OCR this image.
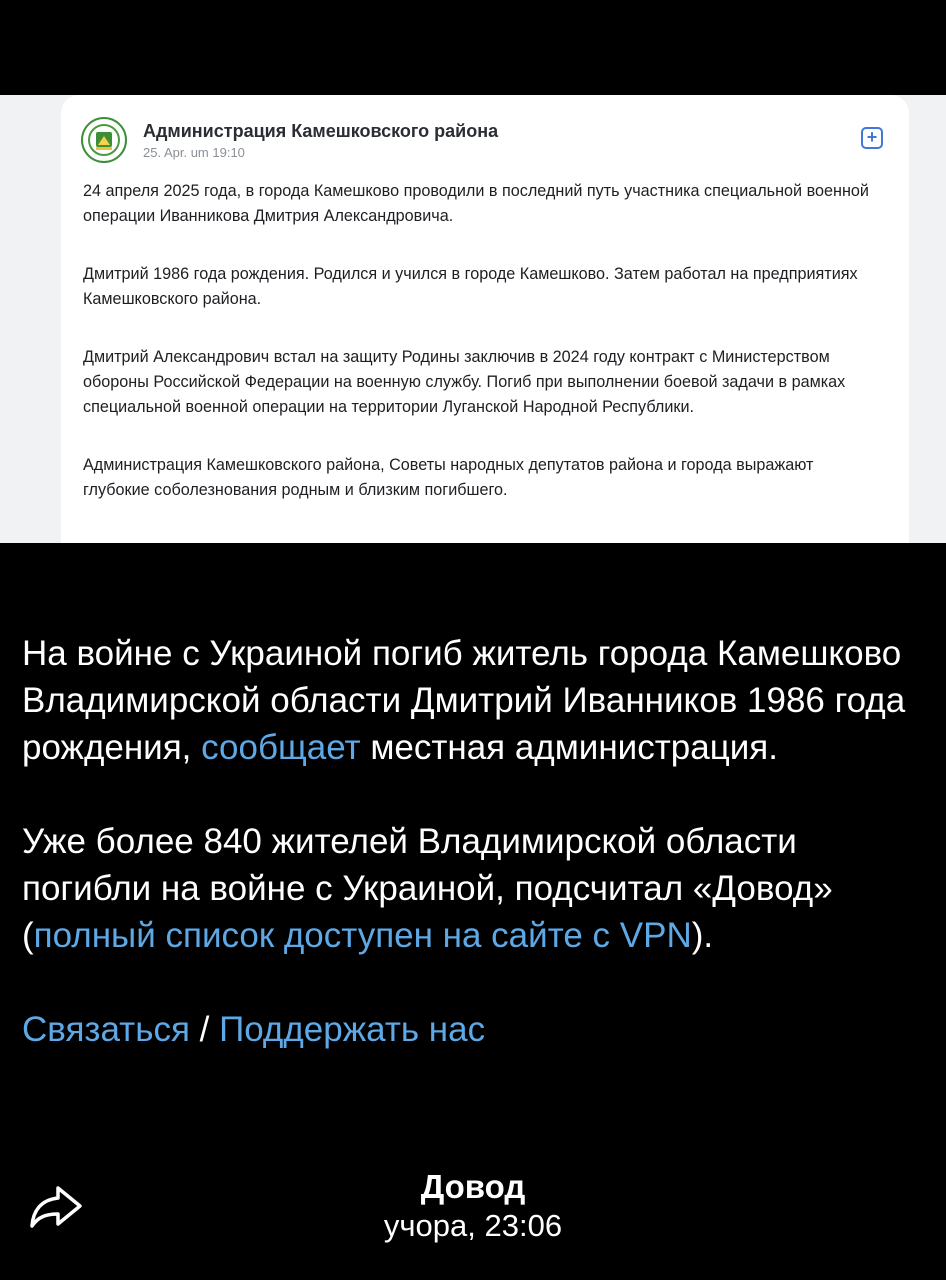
Администрация Камешковского района
25. Apr. um 19:10
+

24 апреля 2025 года, в города Камешково проводили в последний путь участника специальной военной операции Иванникова Дмитрия Александровича.

Дмитрий 1986 года рождения. Родился и учился в городе Камешково. Затем работал на предприятиях Камешковского района.

Дмитрий Александрович встал на защиту Родины заключив в 2024 году контракт с Министерством обороны Российской Федерации на военную службу. Погиб при выполнении боевой задачи в рамках специальной военной операции на территории Луганской Народной Республики.

Администрация Камешковского района, Советы народных депутатов района и города выражают глубокие соболезнования родным и близким погибшего.

На войне с Украиной погиб житель города Камешково Владимирской области Дмитрий Иванников 1986 года рождения, сообщает местная администрация.

Уже более 840 жителей Владимирской области погибли на войне с Украиной, подсчитал «Довод» (полный список доступен на сайте с VPN).

Связаться / Поддержать нас

Довод
учора, 23:06
